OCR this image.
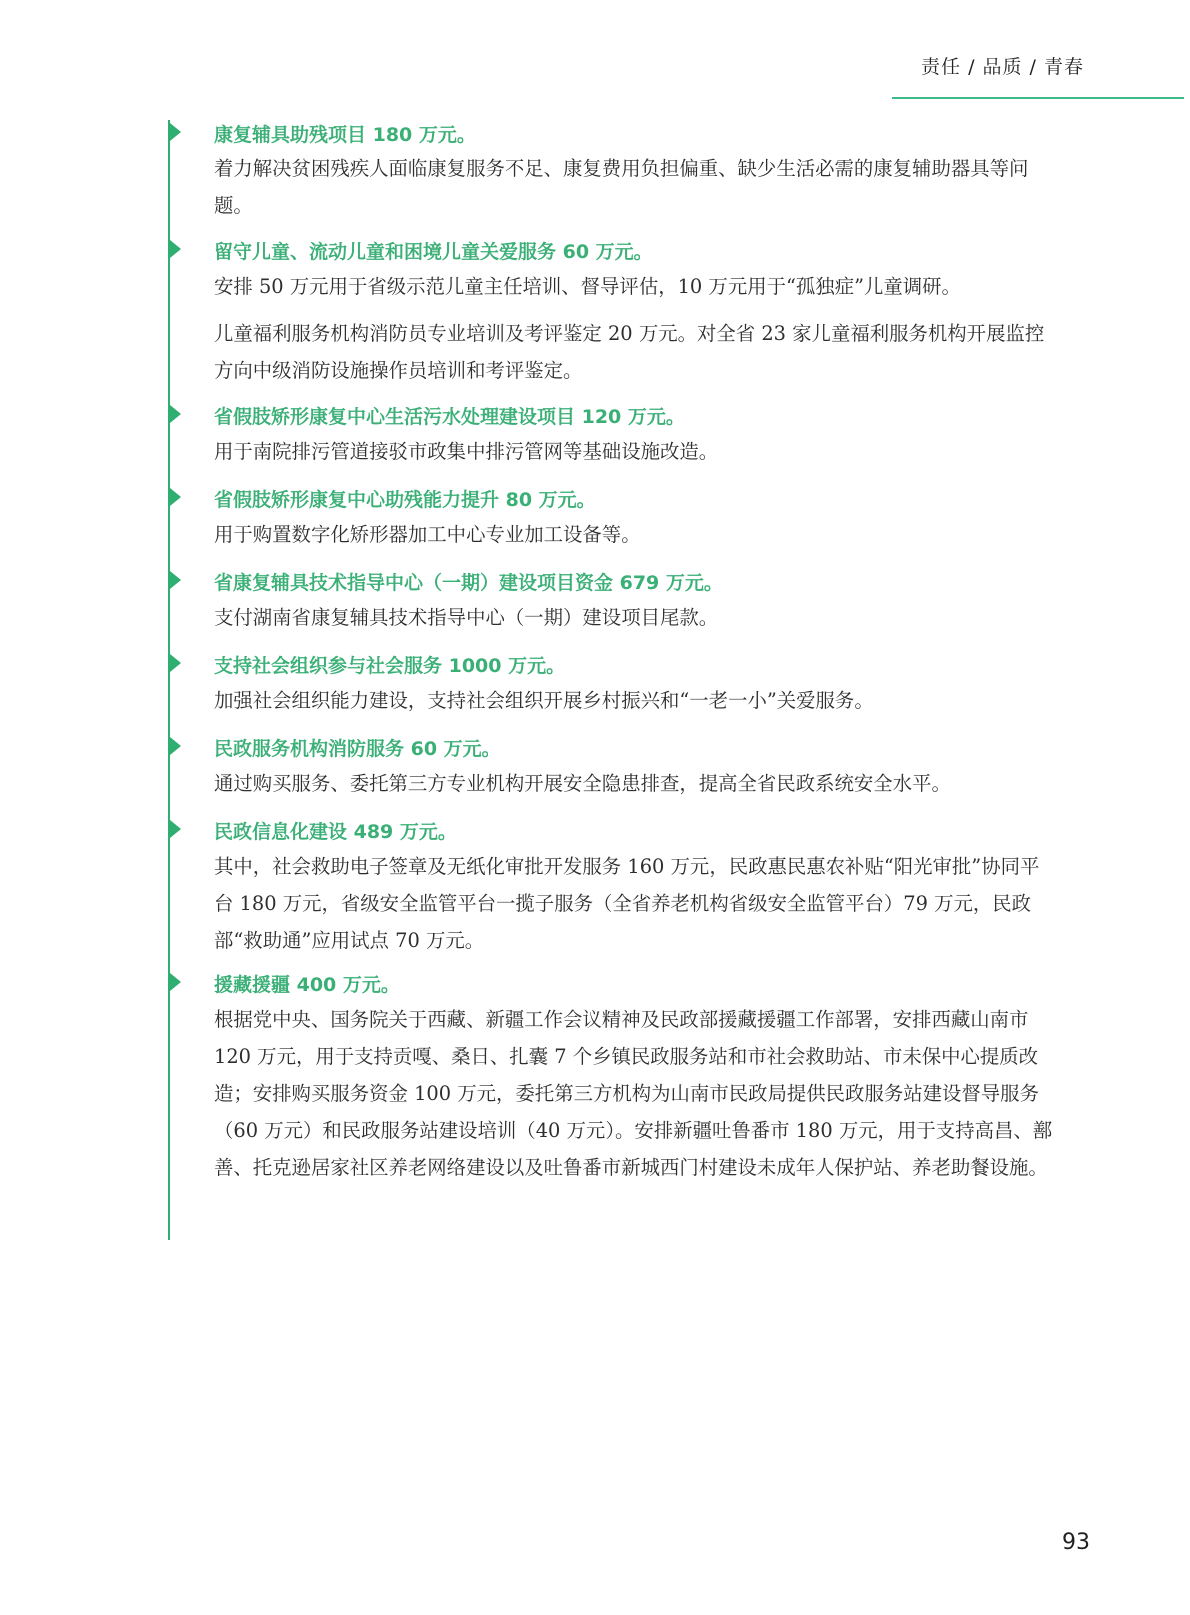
责任 / 品质 / 青春
康复辅具助残项目 180 万元。

着力解决贫困残疾人面临康复服务不足、康复费用负担偏重、缺少生活必需的康复辅助器具等问题。

留守儿童、流动儿童和困境儿童关爱服务 60 万元。

安排 50 万元用于省级示范儿童主任培训、督导评估，10 万元用于“孤独症”儿童调研。

儿童福利服务机构消防员专业培训及考评鉴定 20 万元。对全省 23 家儿童福利服务机构开展监控方向中级消防设施操作员培训和考评鉴定。

省假肢矫形康复中心生活污水处理建设项目 120 万元。

用于南院排污管道接驳市政集中排污管网等基础设施改造。

省假肢矫形康复中心助残能力提升 80 万元。

用于购置数字化矫形器加工中心专业加工设备等。

省康复辅具技术指导中心（一期）建设项目资金 679 万元。

支付湖南省康复辅具技术指导中心（一期）建设项目尾款。

支持社会组织参与社会服务 1000 万元。

加强社会组织能力建设，支持社会组织开展乡村振兴和“一老一小”关爱服务。

民政服务机构消防服务 60 万元。

通过购买服务、委托第三方专业机构开展安全隐患排查，提高全省民政系统安全水平。

民政信息化建设 489 万元。

其中，社会救助电子签章及无纸化审批开发服务 160 万元，民政惠民惠农补贴“阳光审批”协同平台 180 万元，省级安全监管平台一揽子服务（全省养老机构省级安全监管平台）79 万元，民政部“救助通”应用试点 70 万元。

援藏援疆 400 万元。

根据党中央、国务院关于西藏、新疆工作会议精神及民政部援藏援疆工作部署，安排西藏山南市 120 万元，用于支持贡嘎、桑日、扎囊 7 个乡镇民政服务站和市社会救助站、市未保中心提质改造；安排购买服务资金 100 万元，委托第三方机构为山南市民政局提供民政服务站建设督导服务（60 万元）和民政服务站建设培训（40 万元）。安排新疆吐鲁番市 180 万元，用于支持高昌、鄯善、托克逊居家社区养老网络建设以及吐鲁番市新城西门村建设未成年人保护站、养老助餐设施。

93
